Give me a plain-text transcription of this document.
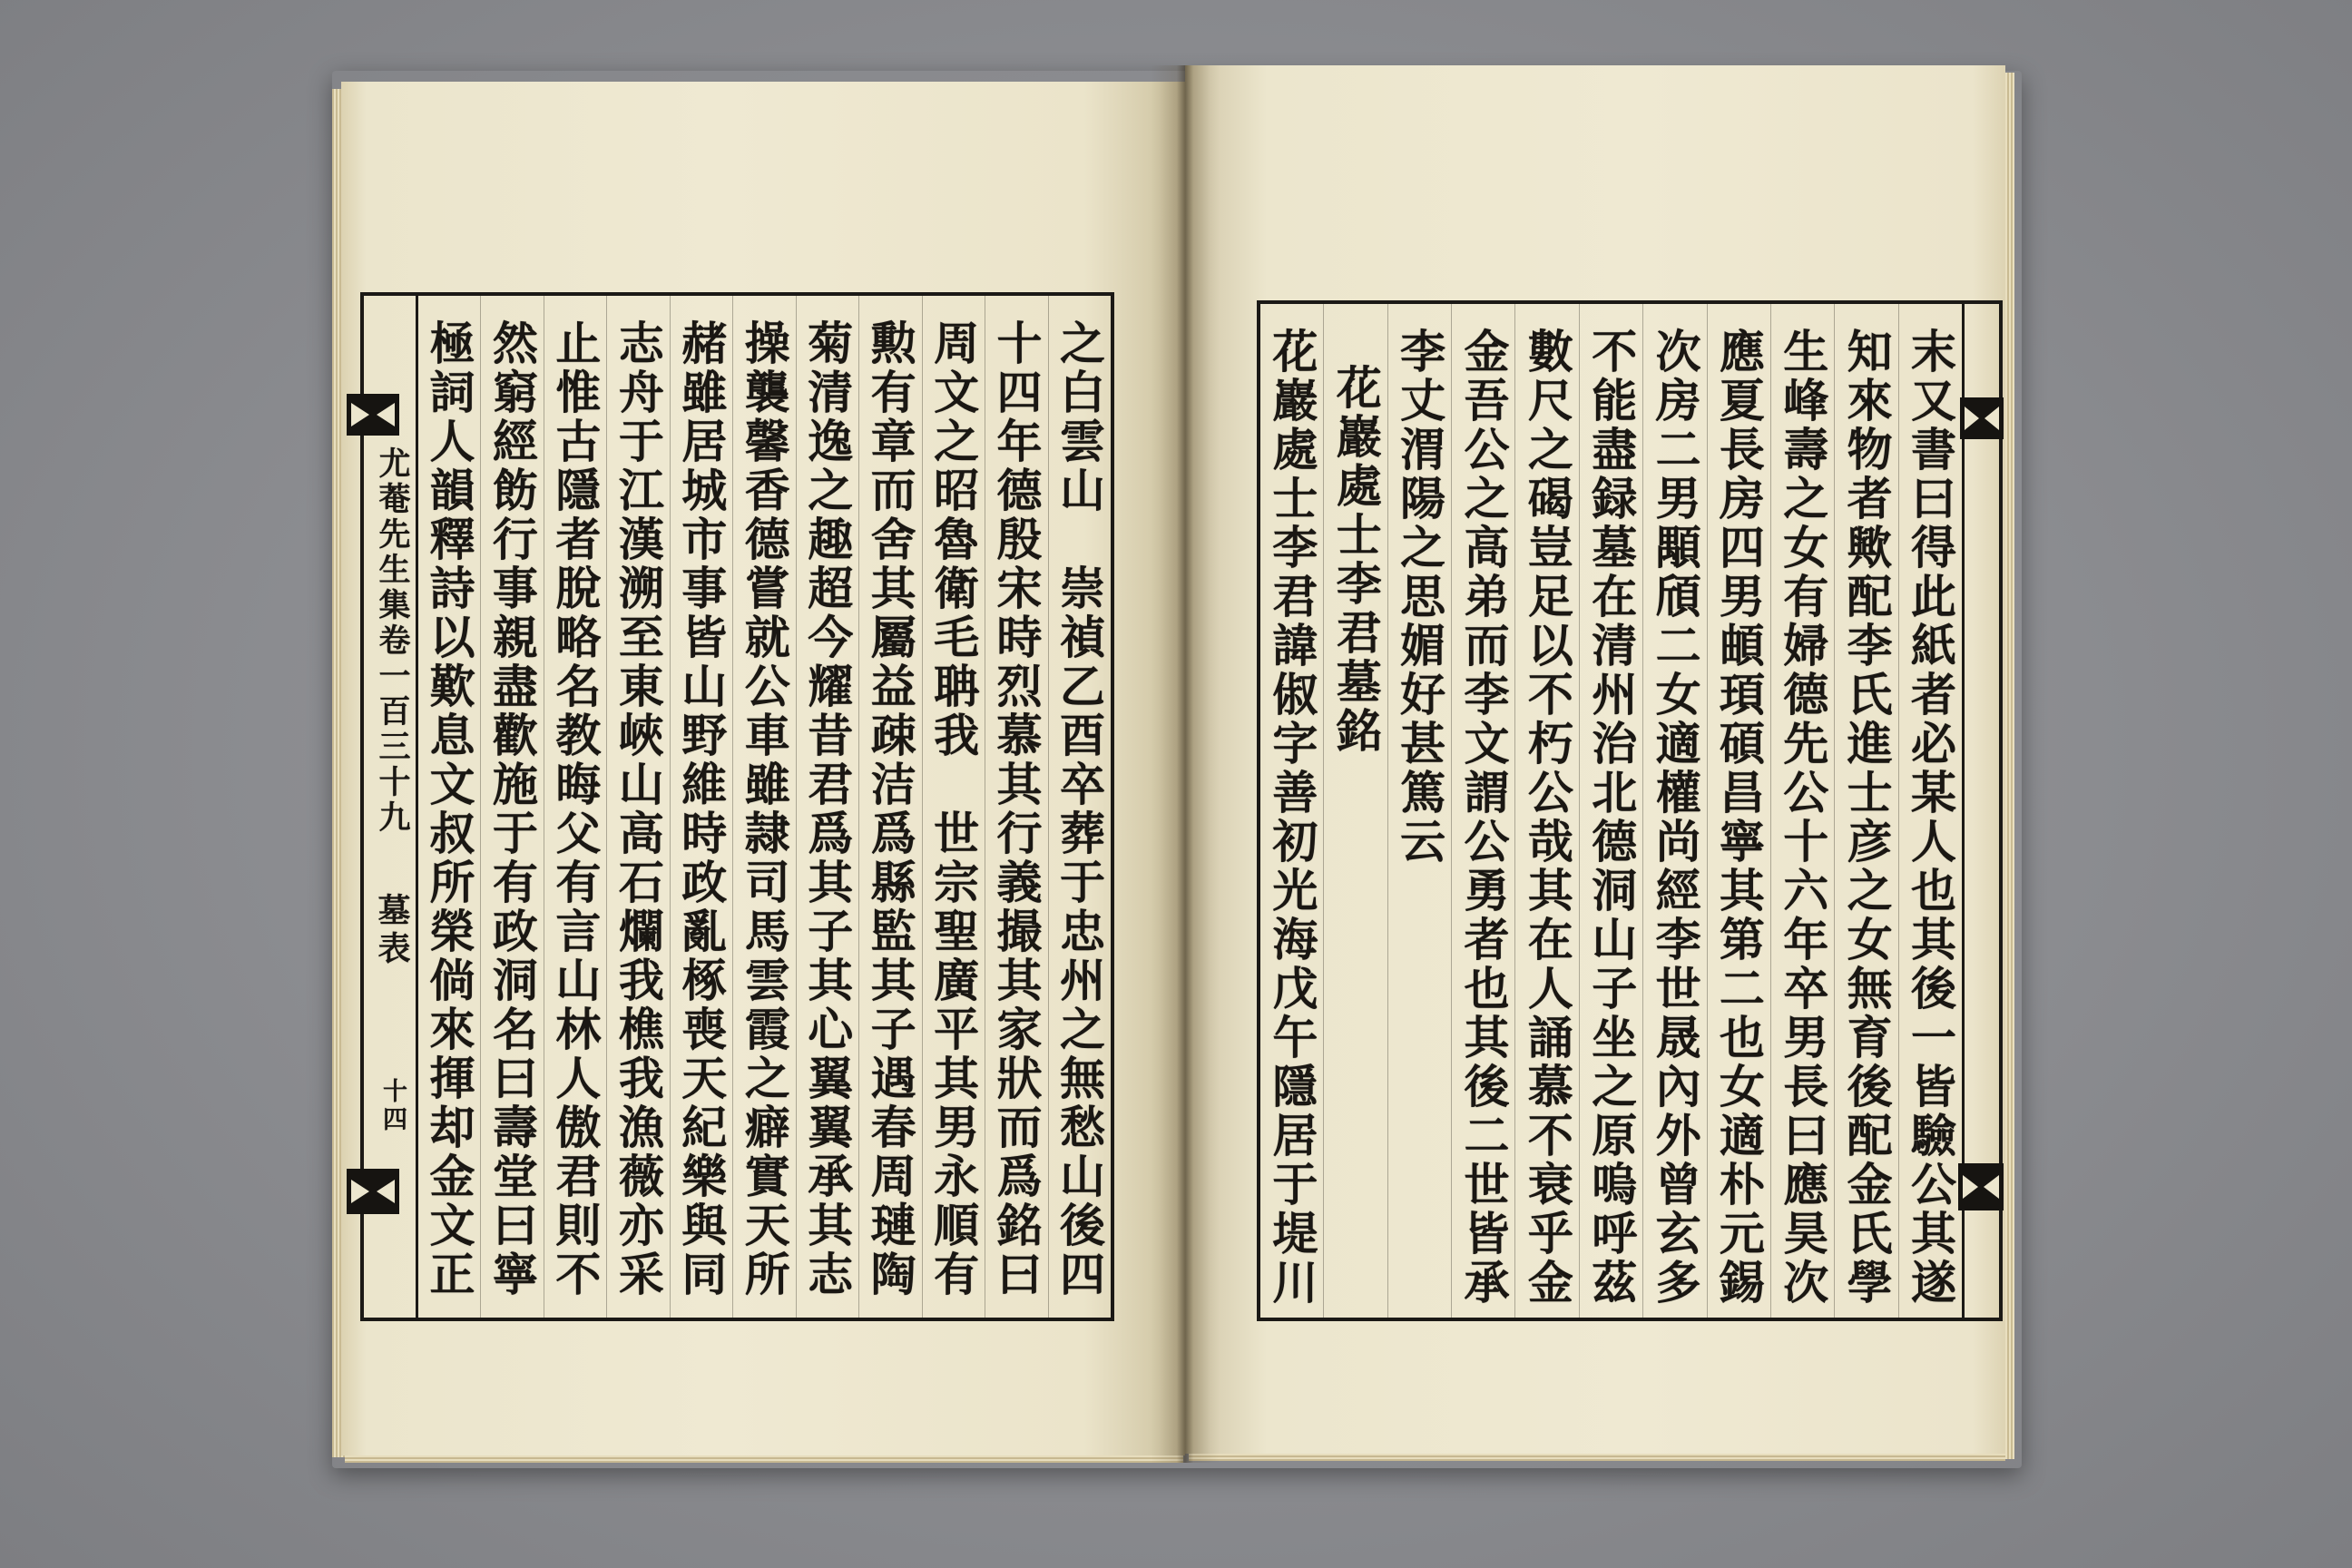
之白雲山　崇禎乙酉卒葬于忠州之無愁山後四
十四年德殷宋時烈慕其行義撮其家狀而爲銘曰
周文之昭魯衛毛聃我　世宗聖廣平其男永順有
勲有章而舍其屬益疎洁爲縣監其子遇春周璉陶
菊清逸之趣超今耀昔君爲其子其心翼翼承其志
操襲馨香德嘗就公車雖隷司馬雲霞之癖實天所
赭雖居城市事皆山野維時政亂椓喪天紀樂與同
志舟于江漢溯至東峽山高石爛我樵我漁薇亦采
止惟古隱者脫略名教晦父有言山林人傲君則不
然窮經飭行事親盡歡施于有政洞名曰壽堂曰寧
極詞人韻釋詩以歎息文叔所榮倘來揮却金文正
尤菴先生集卷一百三十九
墓表
十四	末又書曰得此紙者必某人也其後一皆驗公其遂
知來物者歟配李氏進士彦之女無育後配金氏學
生峰壽之女有婦德先公十六年卒男長曰應昊次
應夏長房四男頔頊碩昌寧其第二也女適朴元錫
次房二男顒頎二女適權尚經李世晟內外曾玄多
不能盡録墓在清州治北德洞山子坐之原嗚呼茲
數尺之碣豈足以不朽公哉其在人誦慕不衰乎金
金吾公之高弟而李文謂公勇者也其後二世皆承
李丈渭陽之思媚好甚篤云
花巖處士李君墓銘
花巖處士李君諱俶字善初光海戊午隱居于堤川
